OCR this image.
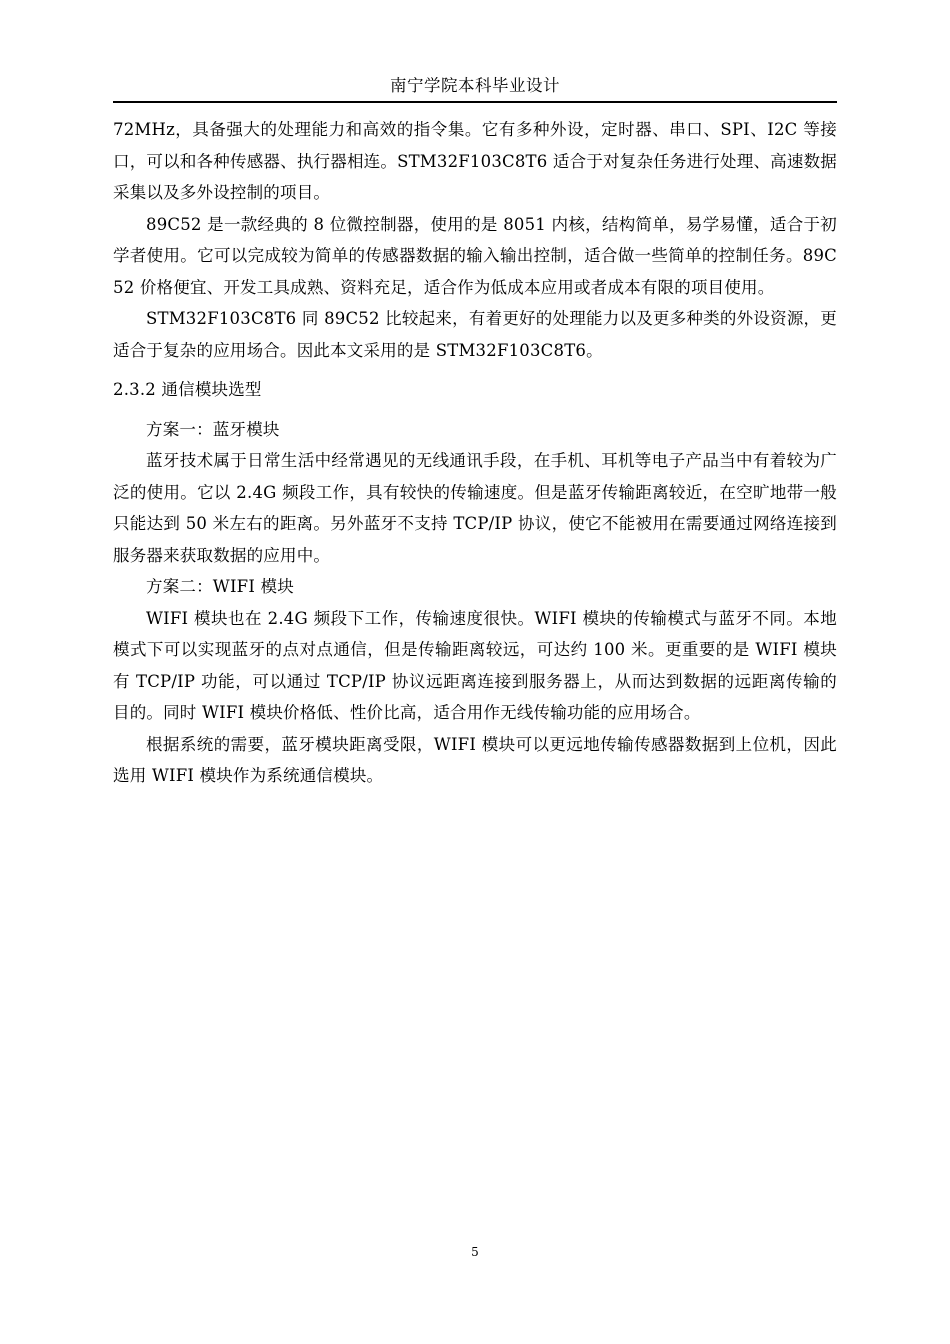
南宁学院本科毕业设计

72MHz，具备强大的处理能力和高效的指令集。它有多种外设，定时器、串口、SPI、I2C 等接口，可以和各种传感器、执行器相连。STM32F103C8T6 适合于对复杂任务进行处理、高速数据采集以及多外设控制的项目。

89C52 是一款经典的 8 位微控制器，使用的是 8051 内核，结构简单，易学易懂，适合于初学者使用。它可以完成较为简单的传感器数据的输入输出控制，适合做一些简单的控制任务。89C52 价格便宜、开发工具成熟、资料充足，适合作为低成本应用或者成本有限的项目使用。

STM32F103C8T6 同 89C52 比较起来，有着更好的处理能力以及更多种类的外设资源，更适合于复杂的应用场合。因此本文采用的是 STM32F103C8T6。

2.3.2 通信模块选型

方案一：蓝牙模块

蓝牙技术属于日常生活中经常遇见的无线通讯手段，在手机、耳机等电子产品当中有着较为广泛的使用。它以 2.4G 频段工作，具有较快的传输速度。但是蓝牙传输距离较近，在空旷地带一般只能达到 50 米左右的距离。另外蓝牙不支持 TCP/IP 协议，使它不能被用在需要通过网络连接到服务器来获取数据的应用中。

方案二：WIFI 模块

WIFI 模块也在 2.4G 频段下工作，传输速度很快。WIFI 模块的传输模式与蓝牙不同。本地模式下可以实现蓝牙的点对点通信，但是传输距离较远，可达约 100 米。更重要的是 WIFI 模块有 TCP/IP 功能，可以通过 TCP/IP 协议远距离连接到服务器上，从而达到数据的远距离传输的目的。同时 WIFI 模块价格低、性价比高，适合用作无线传输功能的应用场合。

根据系统的需要，蓝牙模块距离受限，WIFI 模块可以更远地传输传感器数据到上位机，因此选用 WIFI 模块作为系统通信模块。

5
